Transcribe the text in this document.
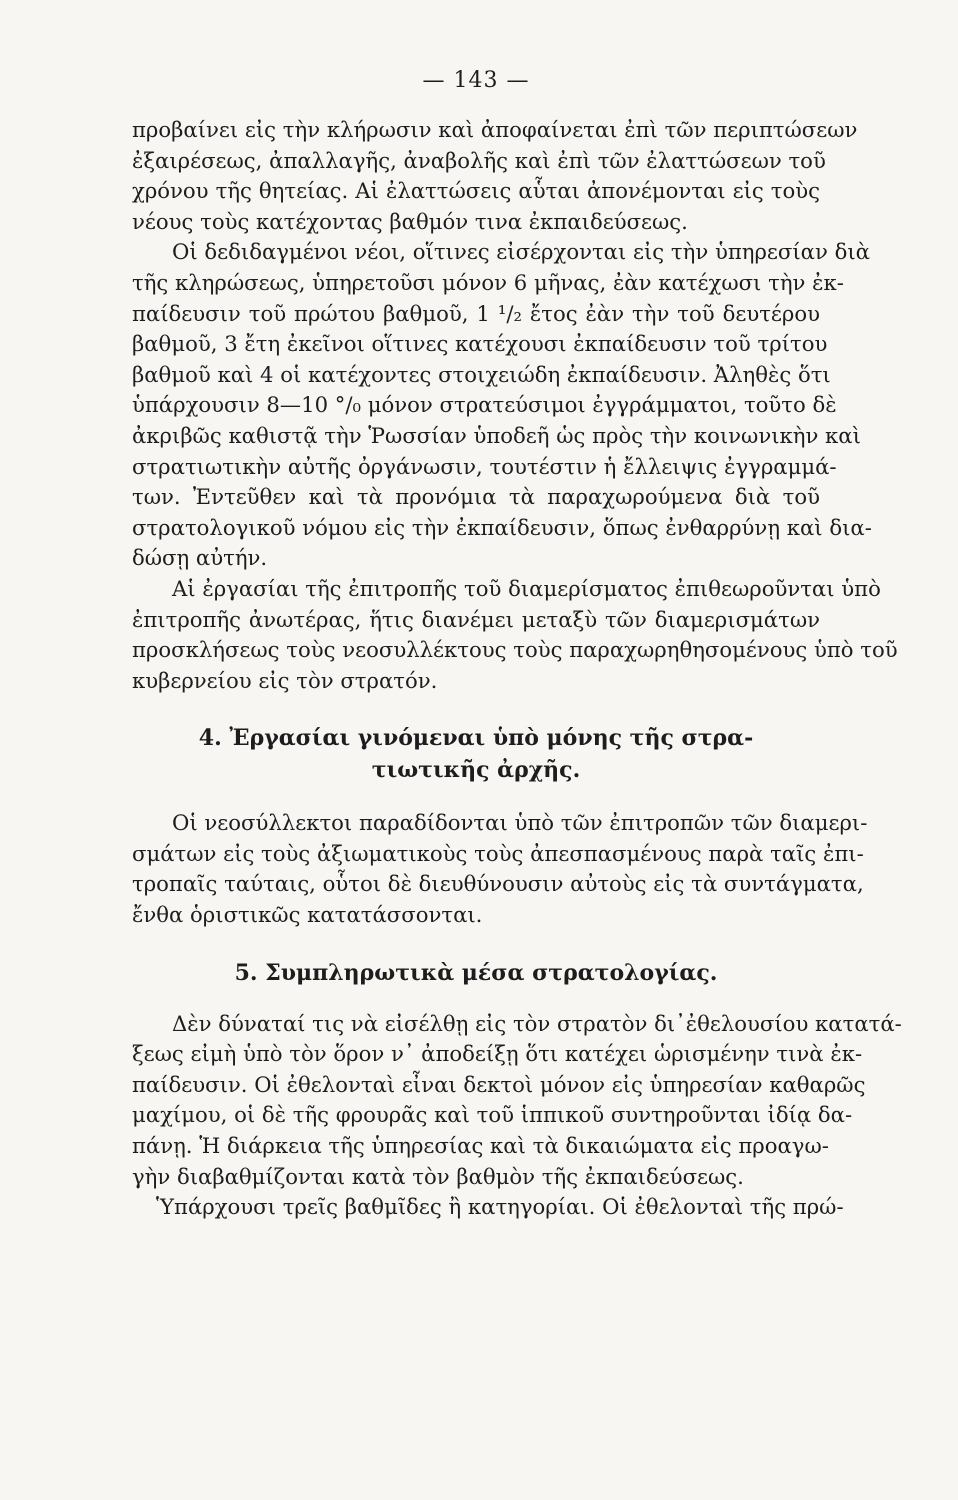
— 143 —
προβαίνει εἰς τὴν κλήρωσιν καὶ ἀποφαίνεται ἐπὶ τῶν περιπτώσεων
ἐξαιρέσεως, ἀπαλλαγῆς, ἀναβολῆς καὶ ἐπὶ τῶν ἐλαττώσεων τοῦ
χρόνου τῆς θητείας. Αἱ ἐλαττώσεις αὗται ἀπονέμονται εἰς τοὺς
νέους τοὺς κατέχοντας βαθμόν τινα ἐκπαιδεύσεως.
Οἱ δεδιδαγμένοι νέοι, οἵτινες εἰσέρχονται εἰς τὴν ὑπηρεσίαν διὰ
τῆς κληρώσεως, ὑπηρετοῦσι μόνον 6 μῆνας, ἐὰν κατέχωσι τὴν ἐκ-
παίδευσιν τοῦ πρώτου βαθμοῦ, 1 ¹/₂ ἔτος ἐὰν τὴν τοῦ δευτέρου
βαθμοῦ, 3 ἔτη ἐκεῖνοι οἵτινες κατέχουσι ἐκπαίδευσιν τοῦ τρίτου
βαθμοῦ καὶ 4 οἱ κατέχοντες στοιχειώδη ἐκπαίδευσιν. Ἀληθὲς ὅτι
ὑπάρχουσιν 8—10 °/₀ μόνον στρατεύσιμοι ἐγγράμματοι, τοῦτο δὲ
ἀκριβῶς καθιστᾷ τὴν Ῥωσσίαν ὑποδεῆ ὡς πρὸς τὴν κοινωνικὴν καὶ
στρατιωτικὴν αὐτῆς ὀργάνωσιν, τουτέστιν ἡ ἔλλειψις ἐγγραμμά-
των. Ἐντεῦθεν καὶ τὰ προνόμια τὰ παραχωρούμενα διὰ τοῦ
στρατολογικοῦ νόμου εἰς τὴν ἐκπαίδευσιν, ὅπως ἐνθαρρύνῃ καὶ δια-
δώσῃ αὐτήν.
Αἱ ἐργασίαι τῆς ἐπιτροπῆς τοῦ διαμερίσματος ἐπιθεωροῦνται ὑπὸ
ἐπιτροπῆς ἀνωτέρας, ἥτις διανέμει μεταξὺ τῶν διαμερισμάτων
προσκλήσεως τοὺς νεοσυλλέκτους τοὺς παραχωρηθησομένους ὑπὸ τοῦ
κυβερνείου εἰς τὸν στρατόν.
4. Ἐργασίαι γινόμεναι ὑπὸ μόνης τῆς στρα-
τιωτικῆς ἀρχῆς.
Οἱ νεοσύλλεκτοι παραδίδονται ὑπὸ τῶν ἐπιτροπῶν τῶν διαμερι-
σμάτων εἰς τοὺς ἀξιωματικοὺς τοὺς ἀπεσπασμένους παρὰ ταῖς ἐπι-
τροπαῖς ταύταις, οὗτοι δὲ διευθύνουσιν αὐτοὺς εἰς τὰ συντάγματα,
ἔνθα ὁριστικῶς κατατάσσονται.
5. Συμπληρωτικὰ μέσα στρατολογίας.
Δὲν δύναταί τις νὰ εἰσέλθῃ εἰς τὸν στρατὸν δι᾽ἐθελουσίου κατατά-
ξεως εἰμὴ ὑπὸ τὸν ὅρον ν᾽ ἀποδείξῃ ὅτι κατέχει ὡρισμένην τινὰ ἐκ-
παίδευσιν. Οἱ ἐθελονταὶ εἶναι δεκτοὶ μόνον εἰς ὑπηρεσίαν καθαρῶς
μαχίμου, οἱ δὲ τῆς φρουρᾶς καὶ τοῦ ἱππικοῦ συντηροῦνται ἰδίᾳ δα-
πάνῃ. Ἡ διάρκεια τῆς ὑπηρεσίας καὶ τὰ δικαιώματα εἰς προαγω-
γὴν διαβαθμίζονται κατὰ τὸν βαθμὸν τῆς ἐκπαιδεύσεως.
Ὑπάρχουσι τρεῖς βαθμῖδες ἢ κατηγορίαι. Οἱ ἐθελονταὶ τῆς πρώ-
